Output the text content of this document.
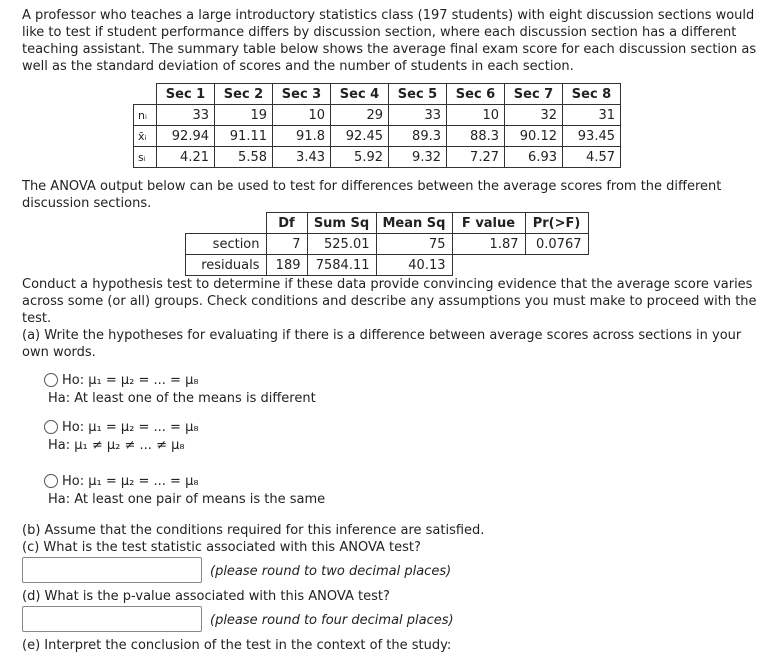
A professor who teaches a large introductory statistics class (197 students) with eight discussion sections would like to test if student performance differs by discussion section, where each discussion section has a different teaching assistant. The summary table below shows the average final exam score for each discussion section as well as the standard deviation of scores and the number of students in each section.

	Sec 1	Sec 2	Sec 3	Sec 4	Sec 5	Sec 6	Sec 7	Sec 8
nᵢ	33	19	10	29	33	10	32	31
x̄ᵢ	92.94	91.11	91.8	92.45	89.3	88.3	90.12	93.45
sᵢ	4.21	5.58	3.43	5.92	9.32	7.27	6.93	4.57

The ANOVA output below can be used to test for differences between the average scores from the different discussion sections.

	Df	Sum Sq	Mean Sq	F value	Pr(>F)
section	7	525.01	75	1.87	0.0767
residuals	189	7584.11	40.13		

Conduct a hypothesis test to determine if these data provide convincing evidence that the average score varies across some (or all) groups. Check conditions and describe any assumptions you must make to proceed with the test.

(a) Write the hypotheses for evaluating if there is a difference between average scores across sections in your own words.

Ho: μ₁ = μ₂ = ... = μ₈
Ha: At least one of the means is different
Ho: μ₁ = μ₂ = ... = μ₈
Ha: μ₁ ≠ μ₂ ≠ ... ≠ μ₈
Ho: μ₁ = μ₂ = ... = μ₈
Ha: At least one pair of means is the same

(b) Assume that the conditions required for this inference are satisfied.

(c) What is the test statistic associated with this ANOVA test?

(please round to two decimal places)

(d) What is the p-value associated with this ANOVA test?

(please round to four decimal places)

(e) Interpret the conclusion of the test in the context of the study:
